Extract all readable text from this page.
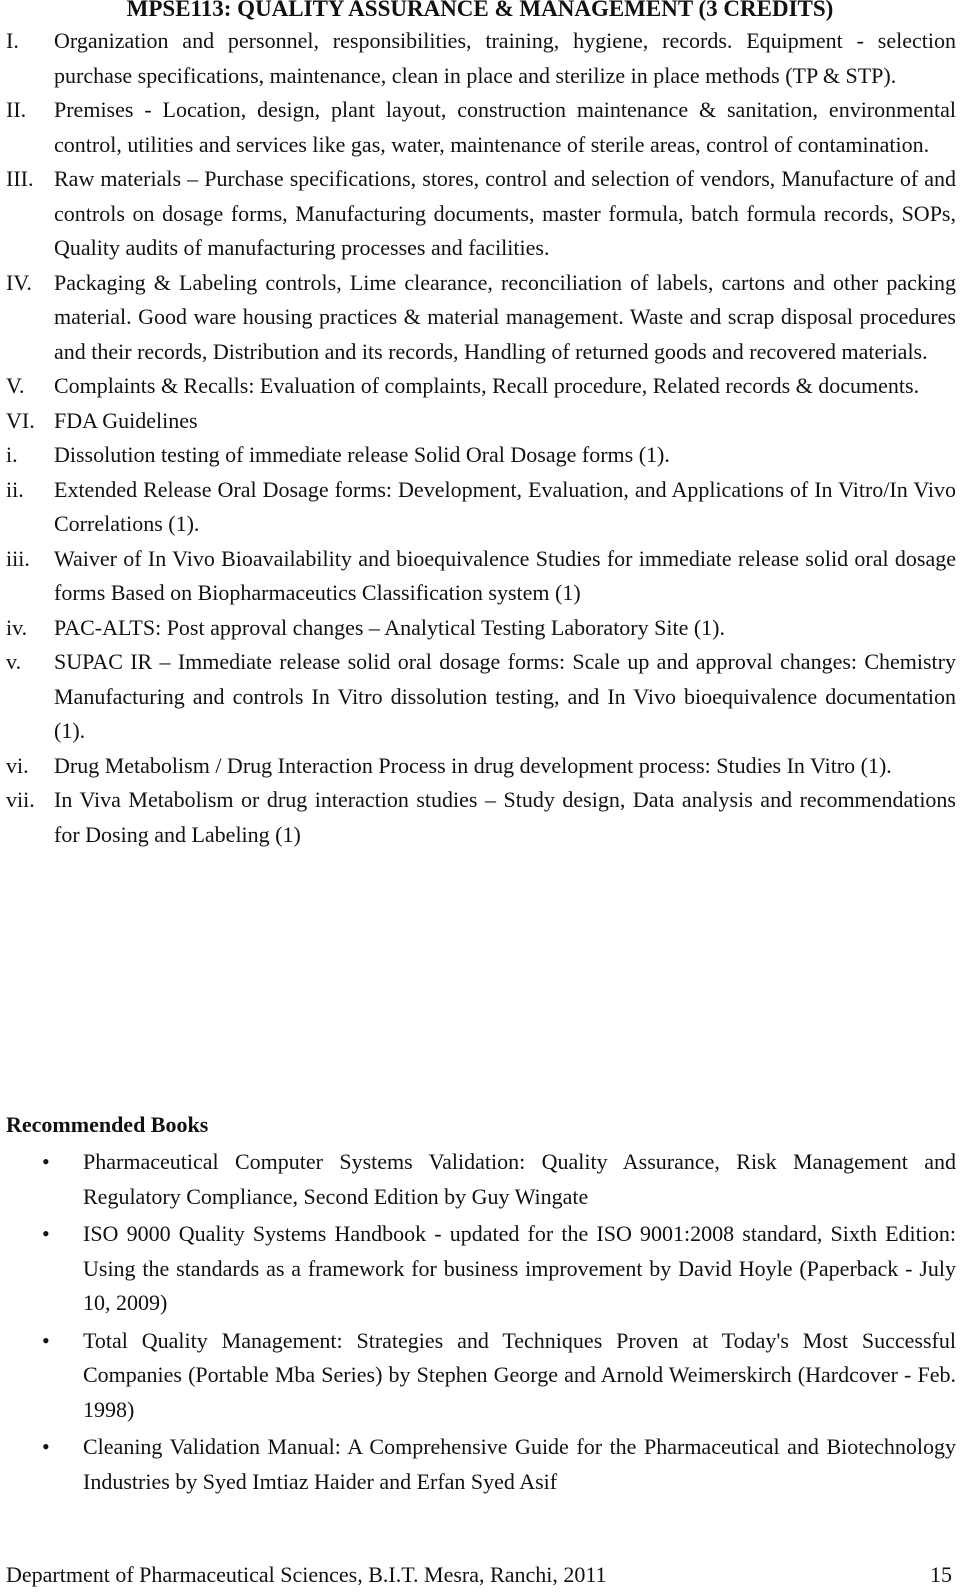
MPSE113: QUALITY ASSURANCE & MANAGEMENT (3 CREDITS)
I. Organization and personnel, responsibilities, training, hygiene, records. Equipment - selection purchase specifications, maintenance, clean in place and sterilize in place methods (TP & STP).
II. Premises - Location, design, plant layout, construction maintenance & sanitation, environmental control, utilities and services like gas, water, maintenance of sterile areas, control of contamination.
III. Raw materials – Purchase specifications, stores, control and selection of vendors, Manufacture of and controls on dosage forms, Manufacturing documents, master formula, batch formula records, SOPs, Quality audits of manufacturing processes and facilities.
IV. Packaging & Labeling controls, Lime clearance, reconciliation of labels, cartons and other packing material. Good ware housing practices & material management. Waste and scrap disposal procedures and their records, Distribution and its records, Handling of returned goods and recovered materials.
V. Complaints & Recalls: Evaluation of complaints, Recall procedure, Related records & documents.
VI. FDA Guidelines
i. Dissolution testing of immediate release Solid Oral Dosage forms (1).
ii. Extended Release Oral Dosage forms: Development, Evaluation, and Applications of In Vitro/In Vivo Correlations (1).
iii. Waiver of In Vivo Bioavailability and bioequivalence Studies for immediate release solid oral dosage forms Based on Biopharmaceutics Classification system (1)
iv. PAC-ALTS: Post approval changes – Analytical Testing Laboratory Site (1).
v. SUPAC IR – Immediate release solid oral dosage forms: Scale up and approval changes: Chemistry Manufacturing and controls In Vitro dissolution testing, and In Vivo bioequivalence documentation (1).
vi. Drug Metabolism / Drug Interaction Process in drug development process: Studies In Vitro (1).
vii. In Viva Metabolism or drug interaction studies – Study design, Data analysis and recommendations for Dosing and Labeling (1)
Recommended Books
• Pharmaceutical Computer Systems Validation: Quality Assurance, Risk Management and Regulatory Compliance, Second Edition by Guy Wingate
• ISO 9000 Quality Systems Handbook - updated for the ISO 9001:2008 standard, Sixth Edition: Using the standards as a framework for business improvement by David Hoyle (Paperback - July 10, 2009)
• Total Quality Management: Strategies and Techniques Proven at Today's Most Successful Companies (Portable Mba Series) by Stephen George and Arnold Weimerskirch (Hardcover - Feb. 1998)
• Cleaning Validation Manual: A Comprehensive Guide for the Pharmaceutical and Biotechnology Industries by Syed Imtiaz Haider and Erfan Syed Asif
Department of Pharmaceutical Sciences, B.I.T. Mesra, Ranchi, 2011	15
